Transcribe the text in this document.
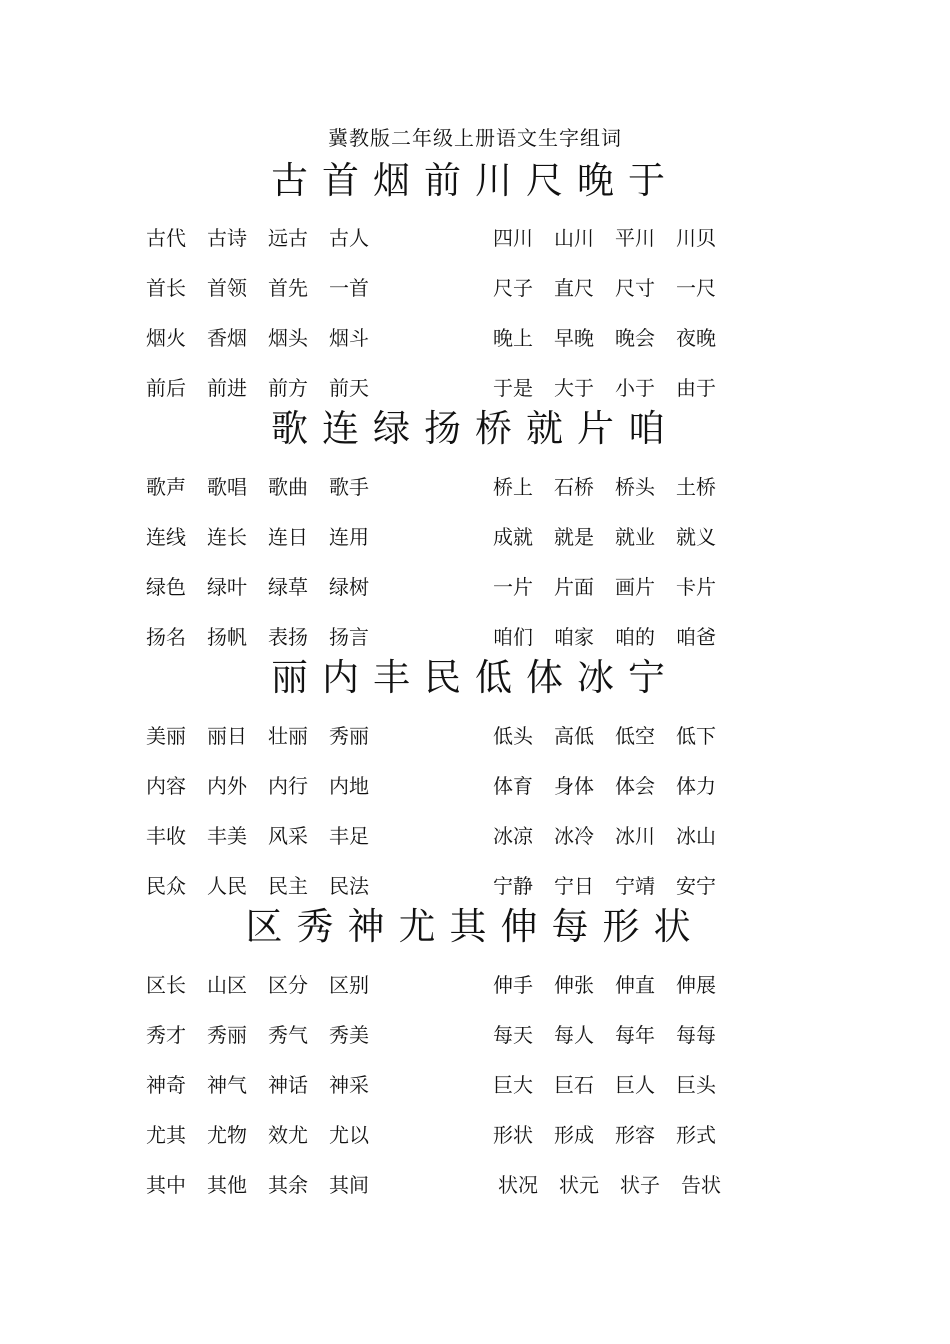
冀教版二年级上册语文生字组词
古首烟前川尺晚于
古代 古诗 远古 古人
首长 首领 首先 一首
烟火 香烟 烟头 烟斗
前后 前进 前方 前天
四川 山川 平川 川贝
尺子 直尺 尺寸 一尺
晚上 早晚 晚会 夜晚
于是 大于 小于 由于
歌连绿扬桥就片咱
歌声 歌唱 歌曲 歌手
连线 连长 连日 连用
绿色 绿叶 绿草 绿树
扬名 扬帆 表扬 扬言
桥上 石桥 桥头 土桥
成就 就是 就业 就义
一片 片面 画片 卡片
咱们 咱家 咱的 咱爸
丽内丰民低体冰宁
美丽 丽日 壮丽 秀丽
内容 内外 内行 内地
丰收 丰美 风采 丰足
民众 人民 民主 民法
低头 高低 低空 低下
体育 身体 体会 体力
冰凉 冰冷 冰川 冰山
宁静 宁日 宁靖 安宁
区秀神尤其伸每形状
区长 山区 区分 区别
秀才 秀丽 秀气 秀美
神奇 神气 神话 神采
尤其 尤物 效尤 尤以
其中 其他 其余 其间
伸手 伸张 伸直 伸展
每天 每人 每年 每每
巨大 巨石 巨人 巨头
形状 形成 形容 形式
状况 状元 状子 告状
